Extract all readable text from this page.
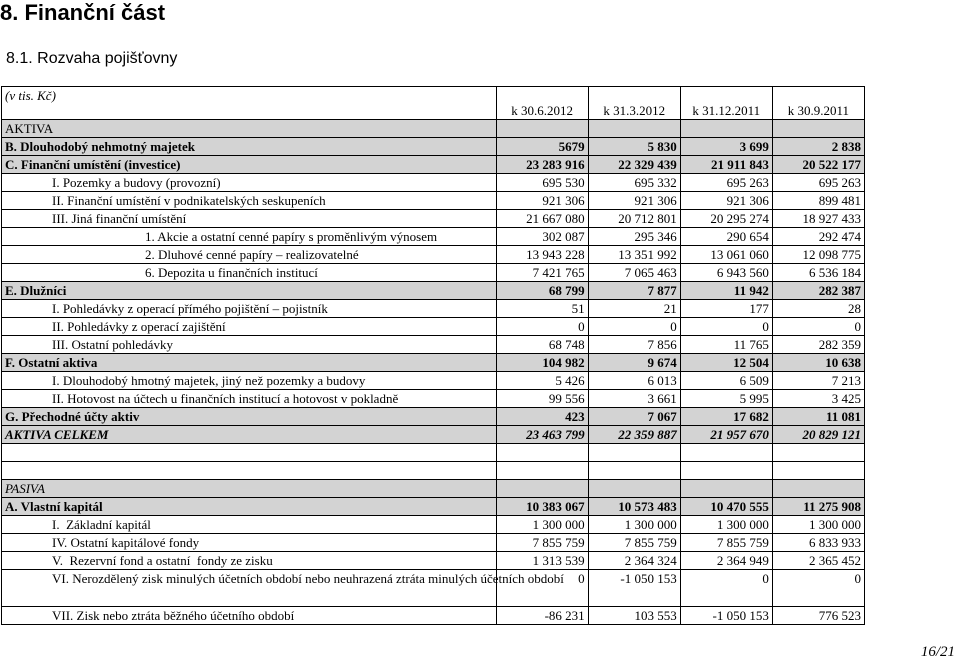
8. Finanční část
8.1. Rozvaha pojišťovny
(v tis. Kč)	k 30.6.2012	k 31.3.2012	k 31.12.2011	k 30.9.2011
AKTIVA				
B. Dlouhodobý nehmotný majetek	5679	5 830	3 699	2 838
C. Finanční umístění (investice)	23 283 916	22 329 439	21 911 843	20 522 177
I. Pozemky a budovy (provozní)	695 530	695 332	695 263	695 263
II. Finanční umístění v podnikatelských seskupeních	921 306	921 306	921 306	899 481
III. Jiná finanční umístění	21 667 080	20 712 801	20 295 274	18 927 433
1. Akcie a ostatní cenné papíry s proměnlivým výnosem	302 087	295 346	290 654	292 474
2. Dluhové cenné papíry – realizovatelné	13 943 228	13 351 992	13 061 060	12 098 775
6. Depozita u finančních institucí	7 421 765	7 065 463	6 943 560	6 536 184
E. Dlužníci	68 799	7 877	11 942	282 387
I. Pohledávky z operací přímého pojištění – pojistník	51	21	177	28
II. Pohledávky z operací zajištění	0	0	0	0
III. Ostatní pohledávky	68 748	7 856	11 765	282 359
F. Ostatní aktiva	104 982	9 674	12 504	10 638
I. Dlouhodobý hmotný majetek, jiný než pozemky a budovy	5 426	6 013	6 509	7 213
II. Hotovost na účtech u finančních institucí a hotovost v pokladně	99 556	3 661	5 995	3 425
G. Přechodné účty aktiv	423	7 067	17 682	11 081
AKTIVA CELKEM	23 463 799	22 359 887	21 957 670	20 829 121

PASIVA				
A. Vlastní kapitál	10 383 067	10 573 483	10 470 555	11 275 908
I.  Základní kapitál	1 300 000	1 300 000	1 300 000	1 300 000
IV. Ostatní kapitálové fondy	7 855 759	7 855 759	7 855 759	6 833 933
V.  Rezervní fond a ostatní  fondy ze zisku	1 313 539	2 364 324	2 364 949	2 365 452
VI. Nerozdělený zisk minulých účetních období nebo neuhrazená ztráta minulých účetních období	0	-1 050 153	0	0
VII. Zisk nebo ztráta běžného účetního období	-86 231	103 553	-1 050 153	776 523
16/21
